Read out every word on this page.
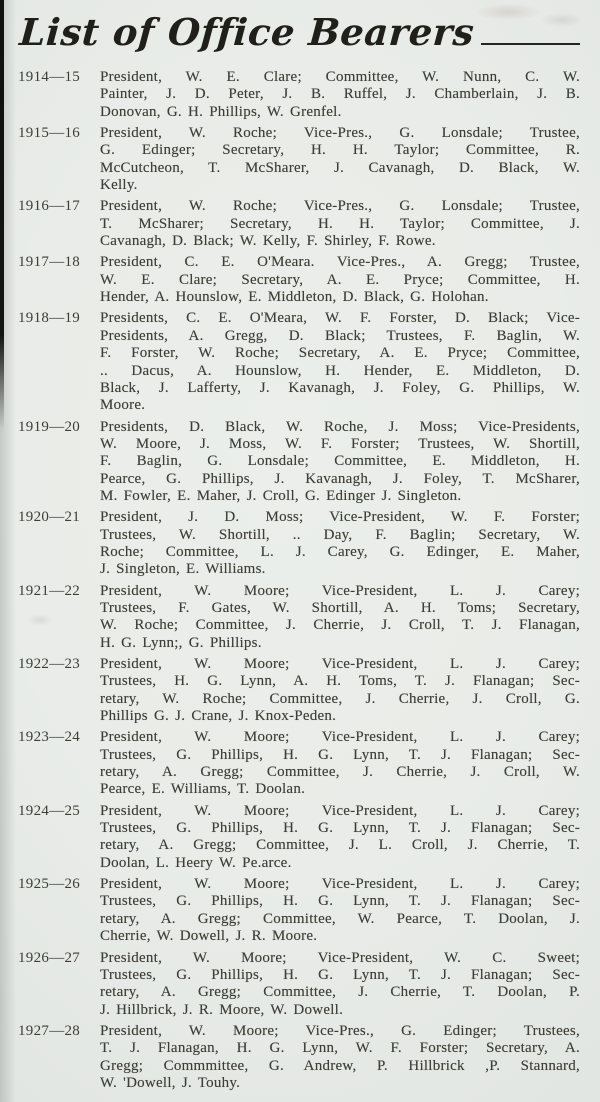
List of Office Bearers
1914—15	President, W. E. Clare; Committee, W. Nunn, C. W.
Painter, J. D. Peter, J. B. Ruffel, J. Chamberlain, J. B.
Donovan, G. H. Phillips, W. Grenfel.
1915—16	President, W. Roche; Vice-Pres., G. Lonsdale; Trustee,
G. Edinger; Secretary, H. H. Taylor; Committee, R.
McCutcheon, T. McSharer, J. Cavanagh, D. Black, W.
Kelly.
1916—17	President, W. Roche; Vice-Pres., G. Lonsdale; Trustee,
T. McSharer; Secretary, H. H. Taylor; Committee, J.
Cavanagh, D. Black; W. Kelly, F. Shirley, F. Rowe.
1917—18	President, C. E. O'Meara. Vice-Pres., A. Gregg; Trustee,
W. E. Clare; Secretary, A. E. Pryce; Committee, H.
Hender, A. Hounslow, E. Middleton, D. Black, G. Holohan.
1918—19	Presidents, C. E. O'Meara, W. F. Forster, D. Black; Vice-
Presidents, A. Gregg, D. Black; Trustees, F. Baglin, W.
F. Forster, W. Roche; Secretary, A. E. Pryce; Committee,
.. Dacus, A. Hounslow, H. Hender, E. Middleton, D.
Black, J. Lafferty, J. Kavanagh, J. Foley, G. Phillips, W.
Moore.
1919—20	Presidents, D. Black, W. Roche, J. Moss; Vice-Presidents,
W. Moore, J. Moss, W. F. Forster; Trustees, W. Shortill,
F. Baglin, G. Lonsdale; Committee, E. Middleton, H.
Pearce, G. Phillips, J. Kavanagh, J. Foley, T. McSharer,
M. Fowler, E. Maher, J. Croll, G. Edinger J. Singleton.
1920—21	President, J. D. Moss; Vice-President, W. F. Forster;
Trustees, W. Shortill, .. Day, F. Baglin; Secretary, W.
Roche; Committee, L. J. Carey, G. Edinger, E. Maher,
J. Singleton, E. Williams.
1921—22	President, W. Moore; Vice-President, L. J. Carey;
Trustees, F. Gates, W. Shortill, A. H. Toms; Secretary,
W. Roche; Committee, J. Cherrie, J. Croll, T. J. Flanagan,
H. G. Lynn;, G. Phillips.
1922—23	President, W. Moore; Vice-President, L. J. Carey;
Trustees, H. G. Lynn, A. H. Toms, T. J. Flanagan; Sec-
retary, W. Roche; Committee, J. Cherrie, J. Croll, G.
Phillips G. J. Crane, J. Knox-Peden.
1923—24	President, W. Moore; Vice-President, L. J. Carey;
Trustees, G. Phillips, H. G. Lynn, T. J. Flanagan; Sec-
retary, A. Gregg; Committee, J. Cherrie, J. Croll, W.
Pearce, E. Williams, T. Doolan.
1924—25	President, W. Moore; Vice-President, L. J. Carey;
Trustees, G. Phillips, H. G. Lynn, T. J. Flanagan; Sec-
retary, A. Gregg; Committee, J. L. Croll, J. Cherrie, T.
Doolan, L. Heery W. Pe.arce.
1925—26	President, W. Moore; Vice-President, L. J. Carey;
Trustees, G. Phillips, H. G. Lynn, T. J. Flanagan; Sec-
retary, A. Gregg; Committee, W. Pearce, T. Doolan, J.
Cherrie, W. Dowell, J. R. Moore.
1926—27	President, W. Moore; Vice-President, W. C. Sweet;
Trustees, G. Phillips, H. G. Lynn, T. J. Flanagan; Sec-
retary, A. Gregg; Committee, J. Cherrie, T. Doolan, P.
J. Hillbrick, J. R. Moore, W. Dowell.
1927—28	President, W. Moore; Vice-Pres., G. Edinger; Trustees,
T. J. Flanagan, H. G. Lynn, W. F. Forster; Secretary, A.
Gregg; Commmittee, G. Andrew, P. Hillbrick ,P. Stannard,
W. 'Dowell, J. Touhy.
